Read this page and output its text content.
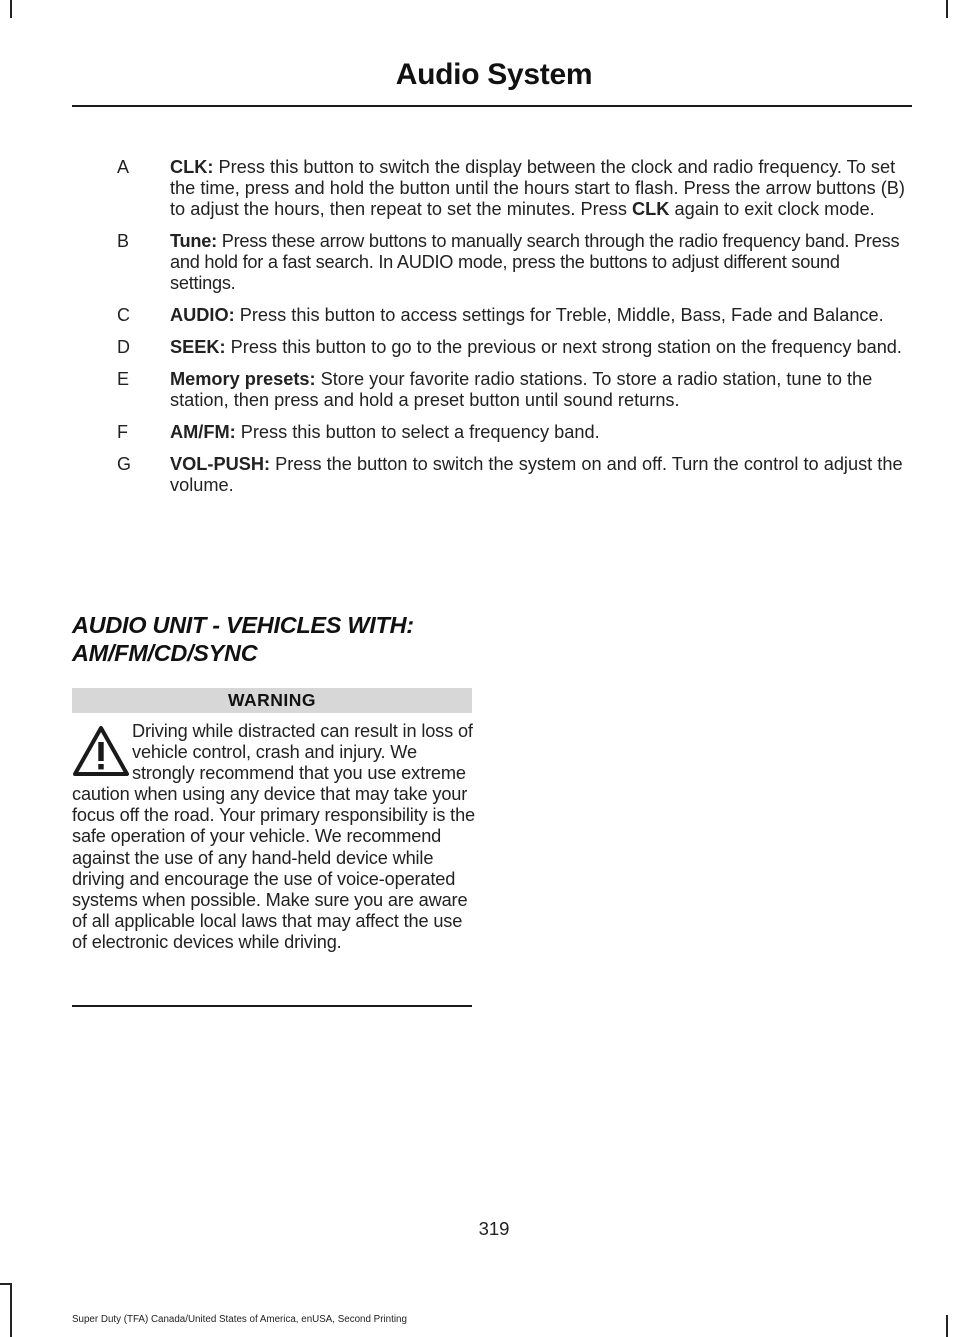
Audio System
A CLK: Press this button to switch the display between the clock and radio frequency. To set the time, press and hold the button until the hours start to flash. Press the arrow buttons (B) to adjust the hours, then repeat to set the minutes. Press CLK again to exit clock mode.
B Tune: Press these arrow buttons to manually search through the radio frequency band. Press and hold for a fast search. In AUDIO mode, press the buttons to adjust different sound settings.
C AUDIO: Press this button to access settings for Treble, Middle, Bass, Fade and Balance.
D SEEK: Press this button to go to the previous or next strong station on the frequency band.
E Memory presets: Store your favorite radio stations. To store a radio station, tune to the station, then press and hold a preset button until sound returns.
F AM/FM: Press this button to select a frequency band.
G VOL-PUSH: Press the button to switch the system on and off. Turn the control to adjust the volume.
AUDIO UNIT - VEHICLES WITH:
AM/FM/CD/SYNC
WARNING
Driving while distracted can result in loss of vehicle control, crash and injury. We strongly recommend that you use extreme caution when using any device that may take your focus off the road. Your primary responsibility is the safe operation of your vehicle. We recommend against the use of any hand-held device while driving and encourage the use of voice-operated systems when possible. Make sure you are aware of all applicable local laws that may affect the use of electronic devices while driving.
319
Super Duty (TFA) Canada/United States of America, enUSA, Second Printing
